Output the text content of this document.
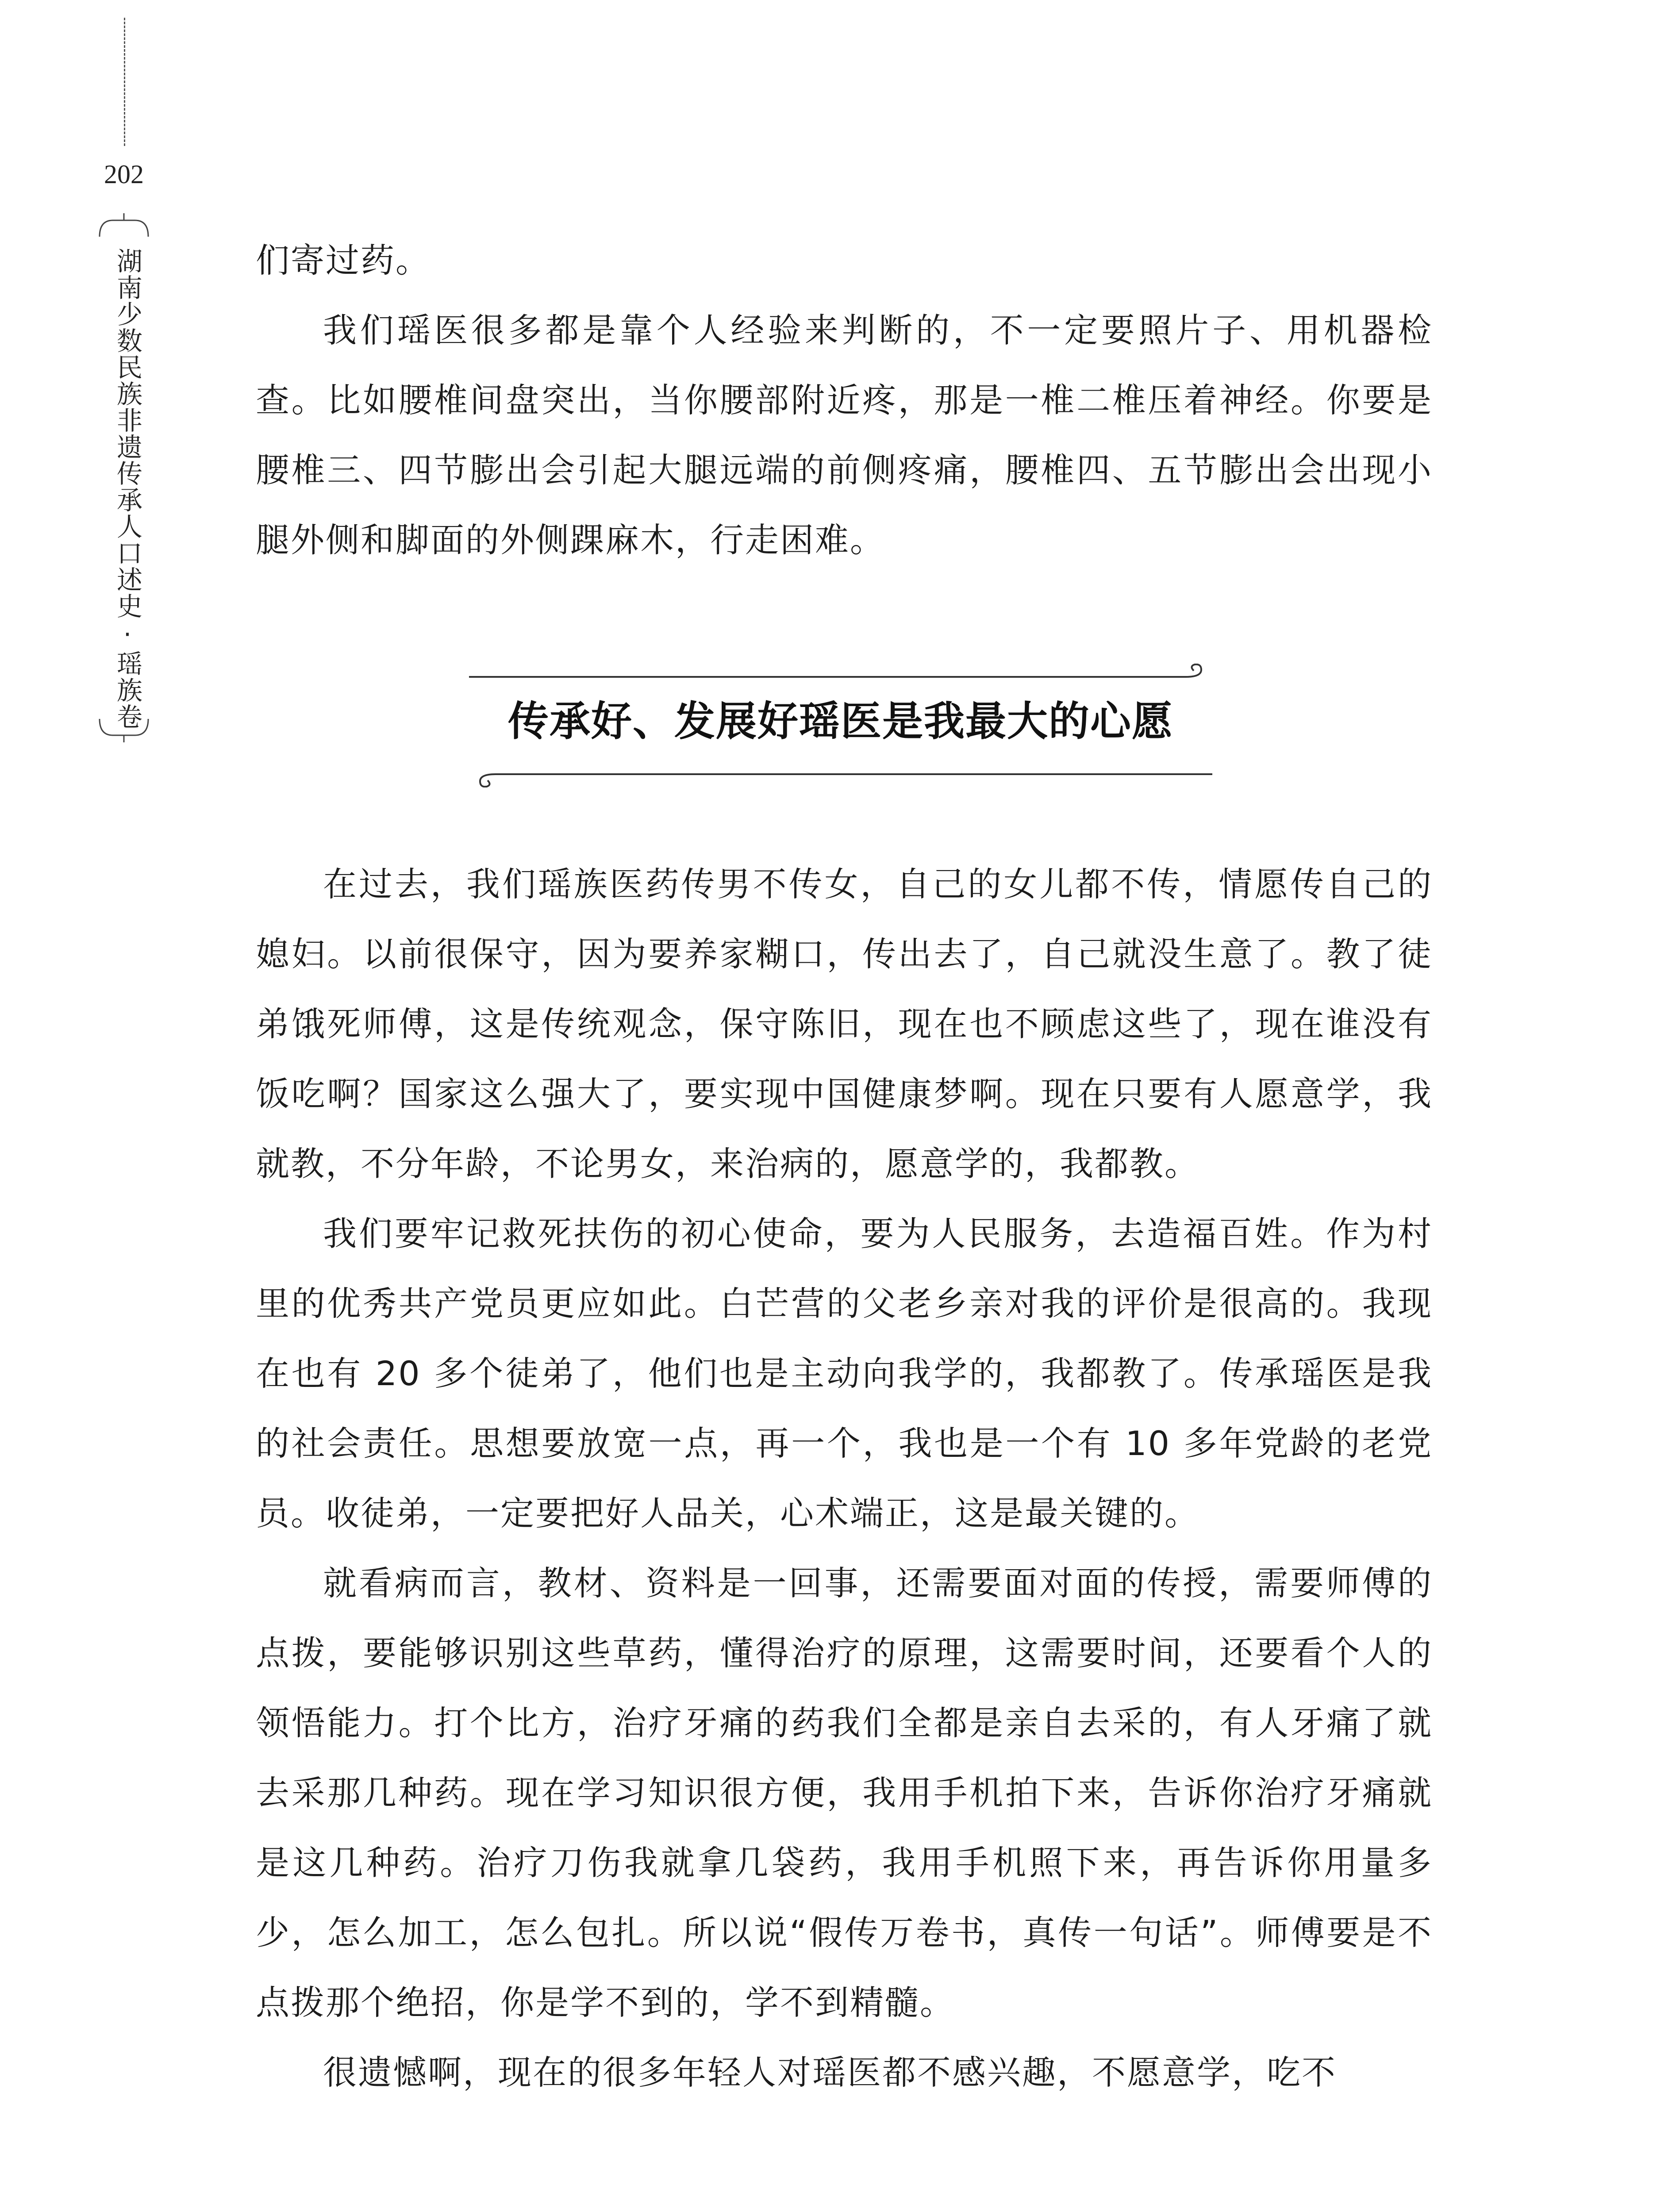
202
湖南少数民族非遗传承人口述史·瑶族卷	们寄过药。

我们瑶医很多都是靠个人经验来判断的，不一定要照片子、用机器检查。比如腰椎间盘突出，当你腰部附近疼，那是一椎二椎压着神经。你要是腰椎三、四节膨出会引起大腿远端的前侧疼痛，腰椎四、五节膨出会出现小腿外侧和脚面的外侧踝麻木，行走困难。

传承好、发展好瑶医是我最大的心愿

在过去，我们瑶族医药传男不传女，自己的女儿都不传，情愿传自己的媳妇。以前很保守，因为要养家糊口，传出去了，自己就没生意了。教了徒弟饿死师傅，这是传统观念，保守陈旧，现在也不顾虑这些了，现在谁没有饭吃啊？国家这么强大了，要实现中国健康梦啊。现在只要有人愿意学，我就教，不分年龄，不论男女，来治病的，愿意学的，我都教。

我们要牢记救死扶伤的初心使命，要为人民服务，去造福百姓。作为村里的优秀共产党员更应如此。白芒营的父老乡亲对我的评价是很高的。我现在也有 20 多个徒弟了，他们也是主动向我学的，我都教了。传承瑶医是我的社会责任。思想要放宽一点，再一个，我也是一个有 10 多年党龄的老党员。收徒弟，一定要把好人品关，心术端正，这是最关键的。

就看病而言，教材、资料是一回事，还需要面对面的传授，需要师傅的点拨，要能够识别这些草药，懂得治疗的原理，这需要时间，还要看个人的领悟能力。打个比方，治疗牙痛的药我们全都是亲自去采的，有人牙痛了就去采那几种药。现在学习知识很方便，我用手机拍下来，告诉你治疗牙痛就是这几种药。治疗刀伤我就拿几袋药，我用手机照下来，再告诉你用量多少，怎么加工，怎么包扎。所以说“假传万卷书，真传一句话”。师傅要是不点拨那个绝招，你是学不到的，学不到精髓。

很遗憾啊，现在的很多年轻人对瑶医都不感兴趣，不愿意学，吃不
